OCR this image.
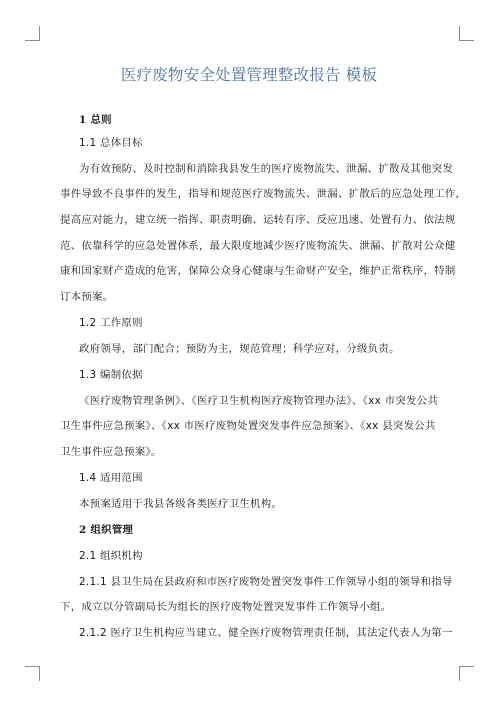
医疗废物安全处置管理整改报告 模板
1 总则
1.1 总体目标
为有效预防、及时控制和消除我县发生的医疗废物流失、泄漏、扩散及其他突发
事件导致不良事件的发生，指导和规范医疗废物流失、泄漏、扩散后的应急处理工作，
提高应对能力，建立统一指挥、职责明确、运转有序、反应迅速、处置有力、依法规
范、依靠科学的应急处置体系，最大限度地减少医疗废物流失、泄漏、扩散对公众健
康和国家财产造成的危害，保障公众身心健康与生命财产安全，维护正常秩序，特制
订本预案。
1.2 工作原则
政府领导，部门配合；预防为主，规范管理；科学应对，分级负责。
1.3 编制依据
《医疗废物管理条例》、《医疗卫生机构医疗废物管理办法》、《xx 市突发公共
卫生事件应急预案》、《xx 市医疗废物处置突发事件应急预案》、《xx 县突发公共
卫生事件应急预案》。
1.4 适用范围
本预案适用于我县各级各类医疗卫生机构。
2 组织管理
2.1 组织机构
2.1.1 县卫生局在县政府和市医疗废物处置突发事件工作领导小组的领导和指导
下，成立以分管副局长为组长的医疗废物处置突发事件工作领导小组。
2.1.2 医疗卫生机构应当建立、健全医疗废物管理责任制，其法定代表人为第一
